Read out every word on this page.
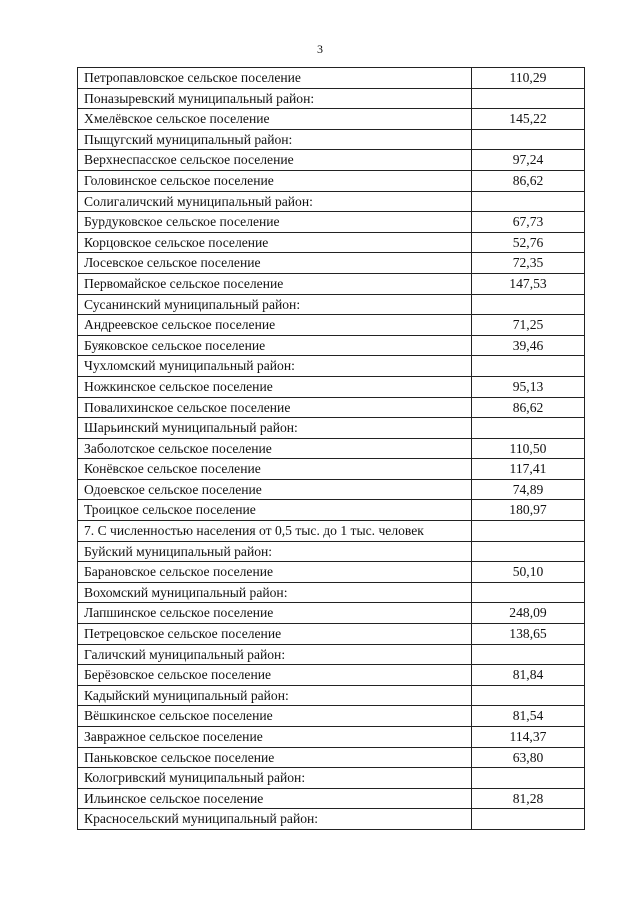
3
Петропавловское сельское поселение	110,29
Поназыревский муниципальный район:	
Хмелёвское сельское поселение	145,22
Пыщугский муниципальный район:	
Верхнеспасское сельское поселение	97,24
Головинское сельское поселение	86,62
Солигаличский муниципальный район:	
Бурдуковское сельское поселение	67,73
Корцовское сельское поселение	52,76
Лосевское сельское поселение	72,35
Первомайское сельское поселение	147,53
Сусанинский муниципальный район:	
Андреевское сельское поселение	71,25
Буяковское сельское поселение	39,46
Чухломский муниципальный район:	
Ножкинское сельское поселение	95,13
Повалихинское сельское поселение	86,62
Шарьинский муниципальный район:	
Заболотское сельское поселение	110,50
Конёвское сельское поселение	117,41
Одоевское сельское поселение	74,89
Троицкое сельское поселение	180,97
7. С численностью населения от 0,5 тыс. до 1 тыс. человек	
Буйский муниципальный район:	
Барановское сельское поселение	50,10
Вохомский муниципальный район:	
Лапшинское сельское поселение	248,09
Петрецовское сельское поселение	138,65
Галичский муниципальный район:	
Берёзовское сельское поселение	81,84
Кадыйский муниципальный район:	
Вёшкинское сельское поселение	81,54
Завражное сельское поселение	114,37
Паньковское сельское поселение	63,80
Кологривский муниципальный район:	
Ильинское сельское поселение	81,28
Красносельский муниципальный район:	
